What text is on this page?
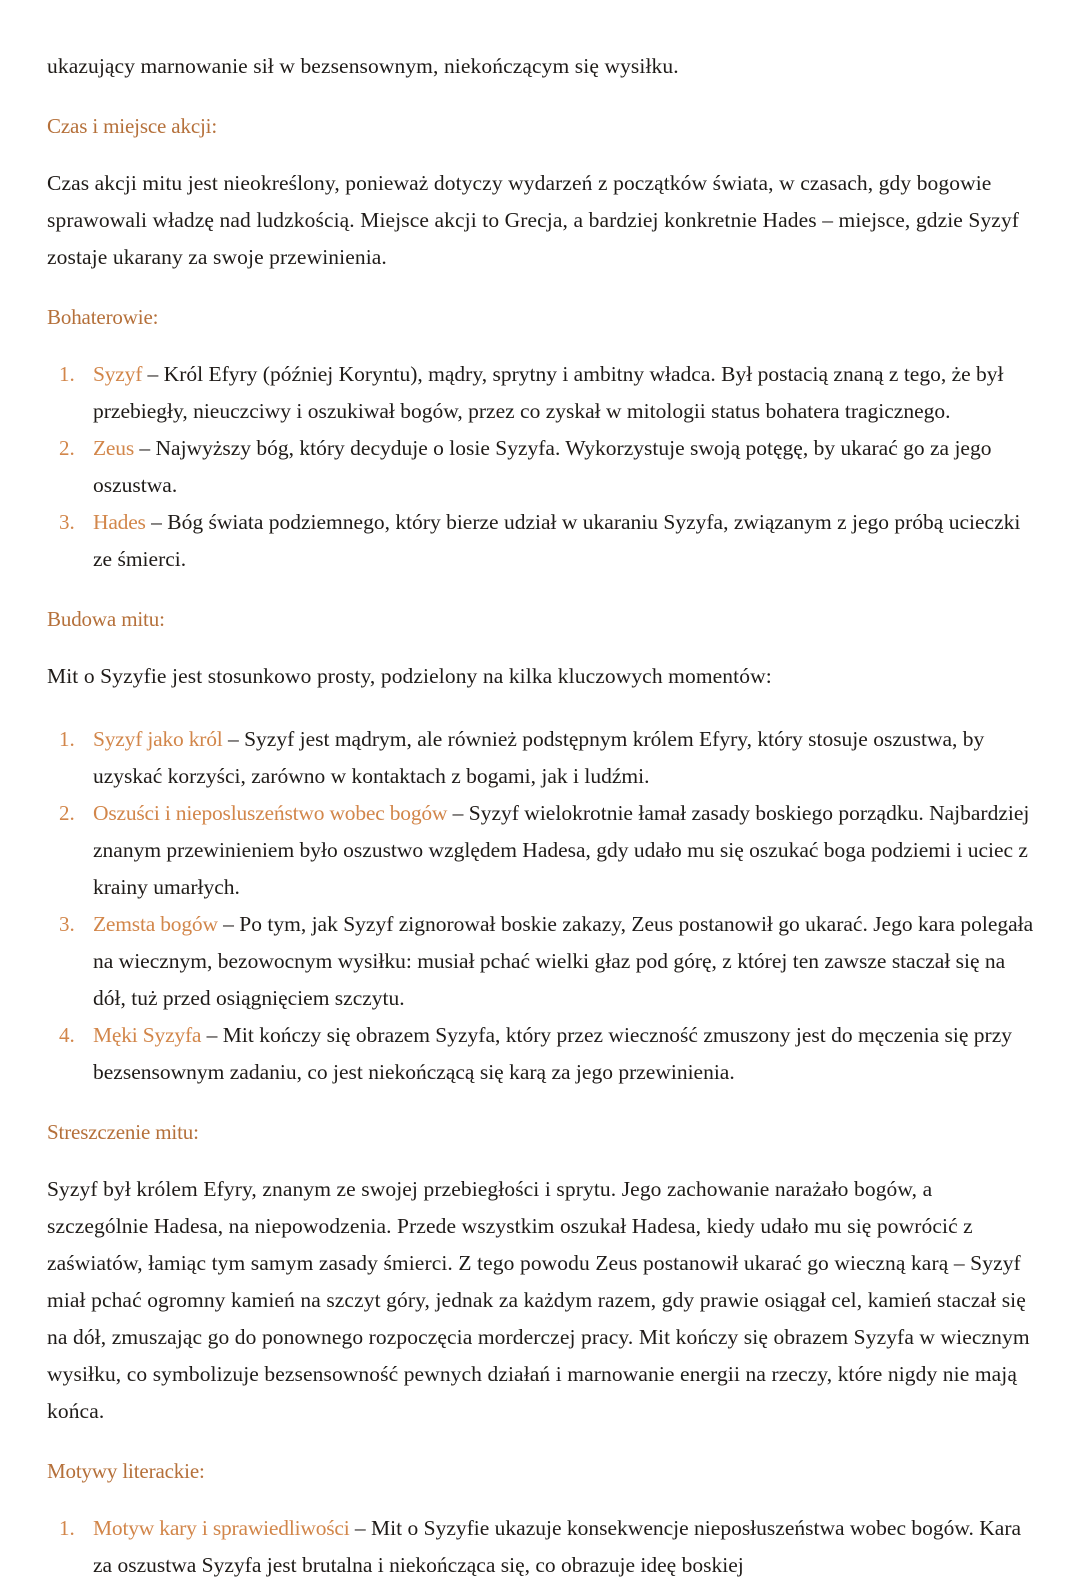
ukazujący marnowanie sił w bezsensownym, niekończącym się wysiłku.

Czas i miejsce akcji:

Czas akcji mitu jest nieokreślony, ponieważ dotyczy wydarzeń z początków świata, w czasach, gdy bogowie sprawowali władzę nad ludzkością. Miejsce akcji to Grecja, a bardziej konkretnie Hades – miejsce, gdzie Syzyf zostaje ukarany za swoje przewinienia.

Bohaterowie:
Syzyf – Król Efyry (później Koryntu), mądry, sprytny i ambitny władca. Był postacią znaną z tego, że był przebiegły, nieuczciwy i oszukiwał bogów, przez co zyskał w mitologii status bohatera tragicznego.
Zeus – Najwyższy bóg, który decyduje o losie Syzyfa. Wykorzystuje swoją potęgę, by ukarać go za jego oszustwa.
Hades – Bóg świata podziemnego, który bierze udział w ukaraniu Syzyfa, związanym z jego próbą ucieczki ze śmierci.
Budowa mitu:

Mit o Syzyfie jest stosunkowo prosty, podzielony na kilka kluczowych momentów:

Syzyf jako król – Syzyf jest mądrym, ale również podstępnym królem Efyry, który stosuje oszustwa, by uzyskać korzyści, zarówno w kontaktach z bogami, jak i ludźmi.
Oszuści i nieposluszeństwo wobec bogów – Syzyf wielokrotnie łamał zasady boskiego porządku. Najbardziej znanym przewinieniem było oszustwo względem Hadesa, gdy udało mu się oszukać boga podziemi i uciec z krainy umarłych.
Zemsta bogów – Po tym, jak Syzyf zignorował boskie zakazy, Zeus postanowił go ukarać. Jego kara polegała na wiecznym, bezowocnym wysiłku: musiał pchać wielki głaz pod górę, z której ten zawsze staczał się na dół, tuż przed osiągnięciem szczytu.
Męki Syzyfa – Mit kończy się obrazem Syzyfa, który przez wieczność zmuszony jest do męczenia się przy bezsensownym zadaniu, co jest niekończącą się karą za jego przewinienia.
Streszczenie mitu:

Syzyf był królem Efyry, znanym ze swojej przebiegłości i sprytu. Jego zachowanie narażało bogów, a szczególnie Hadesa, na niepowodzenia. Przede wszystkim oszukał Hadesa, kiedy udało mu się powrócić z zaświatów, łamiąc tym samym zasady śmierci. Z tego powodu Zeus postanowił ukarać go wieczną karą – Syzyf miał pchać ogromny kamień na szczyt góry, jednak za każdym razem, gdy prawie osiągał cel, kamień staczał się na dół, zmuszając go do ponownego rozpoczęcia morderczej pracy. Mit kończy się obrazem Syzyfa w wiecznym wysiłku, co symbolizuje bezsensowność pewnych działań i marnowanie energii na rzeczy, które nigdy nie mają końca.

Motywy literackie:
Motyw kary i sprawiedliwości – Mit o Syzyfie ukazuje konsekwencje nieposłuszeństwa wobec bogów. Kara za oszustwa Syzyfa jest brutalna i niekończąca się, co obrazuje ideę boskiej
